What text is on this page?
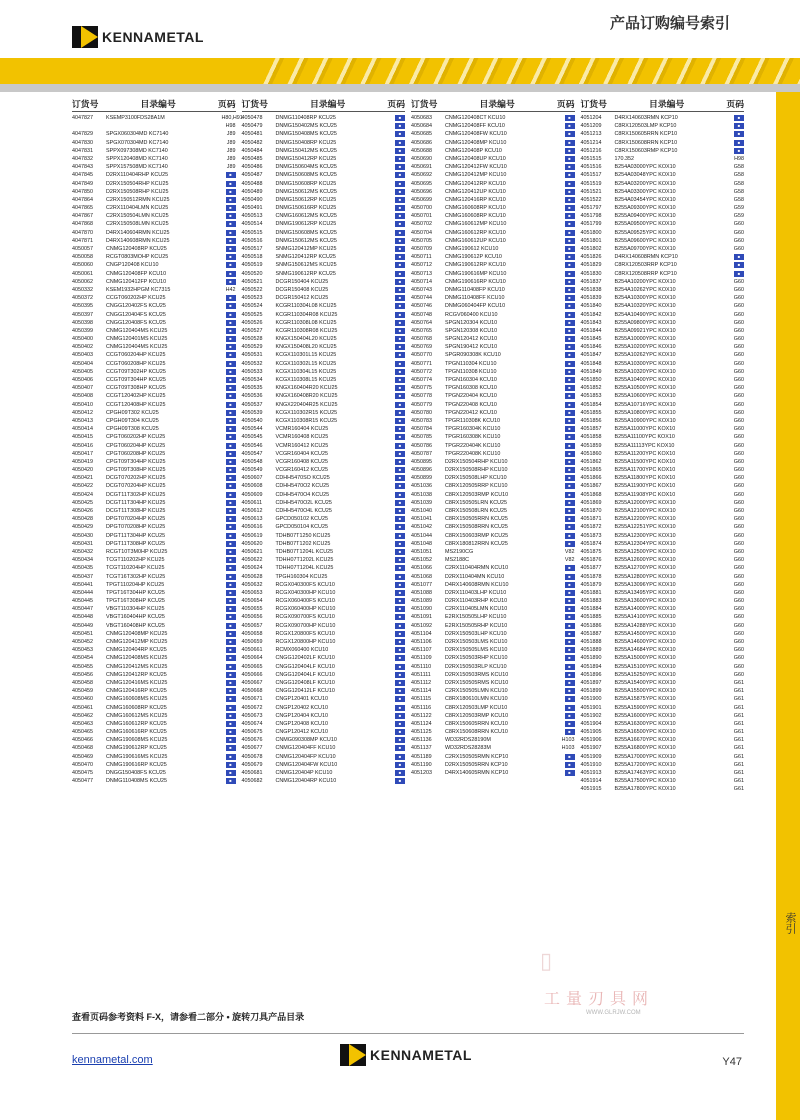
KENNAMETAL
产品订购编号索引
索引
订货号	目录编号	页码
4047827	KSEMP3100FDS28A1M	H80,H91
H98
4047829	SPGX060304MD KC7140	J89
4047830	SPGX070304MD KC7140	J89
4047831	SPPX097308MD KC7140	J89
4047832	SPPX120408MD KC7140	J89
4047843	SPPX157508MD KC7140	J89
4047845	D2RX110404RHP KCU25	■
4047849	D2RX150504RHP KCU25	■
4047850	D2RX150508RHP KCU25	■
4047864	C2RX150512RMN KCU25	■
4047865	C2RX110404LMN KCU25	■
4047867	C2RX150504LMN KCU25	■
4047868	C2RX150508LMN KCU25	■
4047870	D4RX140604RMN KCU25	■
4047871	D4RX140608RMN KCU25	■
4050057	CNMG120408RP KCU25	■
4050058	RCGT0803MOHP KCU25	■
4050060	CNGP120408 KCU10	■
4050061	CNMG120408FP KCU10	■
4050062	CNMG120412FP KCU10	■
4050332	KSEM1932HPGM KC7315	H42
4050372	CCGT060202HP KCU25	■
4050395	CNGG120402FS KCU25	■
4050397	CNGG120404FS KCU25	■
4050398	CNGG120408FS KCU25	■
4050399	CNMG120404MS KCU25	■
4050400	CNMG120401MS KCU25	■
4050402	CNMG120404MS KCU25	■
4050403	CCGT060204HP KCU25	■
4050404	CCGT060208HP KCU25	■
4050405	CCGT09T302HP KCU25	■
4050406	CCGT09T304HP KCU25	■
4050407	CCGT09T308HP KCU25	■
4050408	CCGT120402HP KCU25	■
4050410	CCGT120408HP KCU25	■
4050412	CPGH09T302 KCU25	■
4050413	CPGH09T304 KCU25	■
4050414	CPGH09T308 KCU25	■
4050415	CPGT060202HP KCU25	■
4050416	CPGT060204HP KCU25	■
4050417	CPGT060208HP KCU25	■
4050419	CPGT09T304HP KCU25	■
4050420	CPGT09T308HP KCU25	■
4050421	DCGT070202HP KCU25	■
4050422	DCGT070204HP KCU25	■
4050424	DCGT11T302HP KCU25	■
4050425	DCGT11T304HP KCU25	■
4050426	DCGT11T308HP KCU25	■
4050428	DPGT070204HP KCU25	■
4050429	DPGT070208HP KCU25	■
4050430	DPGT11T304HP KCU25	■
4050431	DPGT11T308HP KCU25	■
4050432	RCGT10T3M0HP KCU25	■
4050434	TCGT110202HP KCU25	■
4050435	TCGT110204HP KCU25	■
4050437	TCGT16T302HP KCU25	■
4050441	TPGT110204HP KCU25	■
4050444	TPGT16T304HP KCU25	■
4050445	TPGT16T308HP KCU25	■
4050447	VBGT110304HP KCU25	■
4050448	VBGT160404HP KCU25	■
4050449	VBGT160408HP KCU25	■
4050451	CNMG120408MP KCU25	■
4050452	CNMG120412MP KCU25	■
4050453	CNMG120404RP KCU25	■
4050454	CNMG120408MS KCU25	■
4050455	CNMG120412MS KCU25	■
4050456	CNMG120412RP KCU25	■
4050458	CNMG120416MS KCU25	■
4050459	CNMG120416RP KCU25	■
4050460	CNMG160608MS KCU25	■
4050461	CNMG160608RP KCU25	■
4050462	CNMG160612MS KCU25	■
4050463	CNMG160612RP KCU25	■
4050465	CNMG160616RP KCU25	■
4050466	CNMG190608MS KCU25	■
4050468	CNMG190612RP KCU25	■
4050469	CNMG190616MS KCU25	■
4050470	CNMG190616RP KCU25	■
4050475	DNGG150408FS KCU25	■
4050477	DNMG110408MS KCU25	■
订货号	目录编号	页码
4050478	DNMG110408RP KCU25	■
4050479	DNMG150402MS KCU25	■
4050481	DNMG150408MS KCU25	■
4050482	DNMG150408RP KCU25	■
4050484	DNMG150412MS KCU25	■
4050485	DNMG150412RP KCU25	■
4050486	DNMG150604MS KCU25	■
4050487	DNMG150608MS KCU25	■
4050488	DNMG150608RP KCU25	■
4050489	DNMG150612MS KCU25	■
4050490	DNMG150612RP KCU25	■
4050491	DNMG150616RP KCU25	■
4050513	CNMG160612MS KCU25	■
4050514	DNMG190612RP KCU25	■
4050515	DNMG150608MS KCU25	■
4050516	DNMG150612MS KCU25	■
4050517	SNMG120412MP KCU25	■
4050518	SNMG120412RP KCU25	■
4050519	SNMG150612MS KCU25	■
4050520	SNMG190612RP KCU25	■
4050521	DCGR150404 KCU25	■
4050522	DCGR150408 KCU25	■
4050523	DCGR150412 KCU25	■
4050524	KCGR110304L08 KCU25	■
4050525	KCGR110304R08 KCU25	■
4050526	KCGR110308L08 KCU25	■
4050527	KCGR110308R08 KCU25	■
4050528	KNGX150404L20 KCU25	■
4050529	KNGX150408L20 KCU25	■
4050531	KCGX110301L15 KCU25	■
4050532	KCGX110302L15 KCU25	■
4050533	KCGX110304L15 KCU25	■
4050534	KCGX110308L15 KCU25	■
4050535	KNGX160404R20 KCU25	■
4050536	KNGX160408R20 KCU25	■
4050537	KNGX220404R25 KCU25	■
4050539	KCGX110302R15 KCU25	■
4050540	KCGX110308R15 KCU25	■
4050544	VCMR160404 KCU25	■
4050545	VCMR160408 KCU25	■
4050546	VCMR160412 KCU25	■
4050547	VCGR160404 KCU25	■
4050548	VCGR160408 KCU25	■
4050549	VCGR160412 KCU25	■
4050607	CDHH5470SO KCU25	■
4050608	CDHH5470O2 KCU25	■
4050609	CDHH5470O4 KCU25	■
4050611	CDHH5470O2L KCU25	■
4050612	CDHH5470O4L KCU25	■
4050613	GPCD050102 KCU25	■
4050616	GPCD050104 KCU25	■
4050619	TDHB07T1250 KCU25	■
4050620	TDHB07T1202 KCU25	■
4050621	TDHB07T1204L KCU25	■
4050622	TDHH07T1202L KCU25	■
4050624	TDHH07T1204L KCU25	■
4050628	TPGH160304 KCU25	■
4050632	RCGX040300FS KCU10	■
4050653	RCGX040300HP KCU10	■
4050654	RCGX060400FS KCU10	■
4050655	RCGX060400HP KCU10	■
4050656	RCGX090700FS KCU10	■
4050657	RCGX090700HP KCU10	■
4050658	RCGX120800FS KCU10	■
4050659	RCGX120800HP KCU10	■
4050661	RCMX060400 KCU10	■
4050664	CNGG120402LF KCU10	■
4050665	CNGG120404LF KCU10	■
4050666	CNGG120404LF KCU10	■
4050667	CNGG120408LF KCU10	■
4050668	CNGG120412LF KCU10	■
4050671	CNGP120401 KCU10	■
4050672	CNGP120402 KCU10	■
4050673	CNGP120404 KCU10	■
4050674	CNGP120408 KCU10	■
4050675	CNGP120412 KCU10	■
4050676	CNMG090308MP KCU10	■
4050677	CNMG120404FF KCU10	■
4050678	CNMG120404FP KCU10	■
4050679	CNMG120404FW KCU10	■
4050681	CNMG120404P KCU10	■
4050682	CNMG120404RP KCU10	■
订货号	目录编号	页码
4050683	CNMG120408CT KCU10	■
4050684	CNMG120408FF KCU10	■
4050685	CNMG120408FW KCU10	■
4050686	CNMG120408MP KCU10	■
4050688	CNMG120408P KCU10	■
4050690	CNMG120408UP KCU10	■
4050691	CNMG120412FW KCU10	■
4050692	CNMG120412MP KCU10	■
4050695	CNMG120412RP KCU10	■
4050696	CNMG120412UP KCU10	■
4050699	CNMG120416RP KCU10	■
4050700	CNMG160608RP KCU10	■
4050701	CNMG160608RP KCU10	■
4050702	CNMG160612MP KCU10	■
4050704	CNMG160612RP KCU10	■
4050705	CNMG160612UP KCU10	■
4050709	CNMG190612 KCU10	■
4050711	CNMG190612P KCU10	■
4050712	CNMG190612RP KCU10	■
4050713	CNMG190616MP KCU10	■
4050714	CNMG190616RP KCU10	■
4050743	DNMG110408FP KCU10	■
4050744	DNMG110408FF KCU10	■
4050746	DNMG060404FP KCU10	■
4050748	RCGV060400 KCU10	■
4050764	SPGN120304 KCU10	■
4050765	SPGN120308 KCU10	■
4050768	SPGN120412 KCU10	■
4050769	SPGN190412 KCU10	■
4050770	SPGR090308K KCU10	■
4050771	TPGN110304 KCU10	■
4050772	TPGN110308 KCU10	■
4050774	TPGN160304 KCU10	■
4050775	TPGN160308 KCU10	■
4050778	TPGN220404 KCU10	■
4050779	TPGN220408 KCU10	■
4050780	TPGN220412 KCU10	■
4050783	TPGR110308K KCU10	■
4050784	TPGR160304K KCU10	■
4050785	TPGR160308K KCU10	■
4050786	TPGR220404K KCU10	■
4050787	TPGR220408K KCU10	■
4050895	D2RX150504RHP KCU10	■
4050896	D2RX150508RHP KCU10	■
4050899	D2RX150508LHP KCU10	■
4051036	C8RX120505RRP KCU10	■
4051038	C8RX120503RMP KCU10	■
4051039	C8RX150505LRN KCU25	■
4051040	C8RX150508LRN KCU25	■
4051041	C8RX150505RRN KCU25	■
4051042	C8RX150508RRN KCU25	■
4051044	C8RX150603RMP KCU25	■
4051048	C8RX180812RRN KCU25	■
4051051	MS2190CG	V82
4051052	MS2188C	V82
4051066	C2RX110404RMN KCU10	■
4051068	D2RX110404MN KCU10	■
4051077	D4RX140608RMN KCU10	■
4051088	D2RX110403LHP KCU10	■
4051089	D2RX110403RHP KCU10	■
4051090	C2RX110405LMN KCU10	■
4051091	E2RX150505LHP KCU10	■
4051092	E2RX150505RHP KCU10	■
4051104	D2RX150503LHP KCU10	■
4051106	D2RX150503LMS KCU10	■
4051107	D2RX150505LMS KCU10	■
4051109	D2RX150503RHP KCU10	■
4051110	D2RX150503RLP KCU10	■
4051111	D2RX150503RMS KCU10	■
4051112	D2RX150505RMS KCU10	■
4051114	C2RX150505LMN KCU10	■
4051115	C8RX180610LMN KCU10	■
4051116	C8RX120503LMP KCU10	■
4051122	C8RX120503RMP KCU10	■
4051124	C8RX150605RRN KCU10	■
4051125	C8RX150608RRN KCU10	■
4051136	WD32RDS28190M	H103
4051137	WD32RDS28283M	H103
4051189	C2RX150505RMN KCP10	■
4051190	D2RX150505RRN KCP10	■
4051203	D4RX140605RMN KCP10	■
订货号	目录编号	页码
4051204	D4RX140603RMN KCP10	■
4051209	C8RX120503LMP KCP10	■
4051213	C8RX150605RRN KCP10	■
4051214	C8RX150608RRN KCP10	■
4051216	C8RX150603RMP KCP10	■
4051515	170.352	H98
4051516	B254A03000YPC KOX10	G58
4051517	B254A03048YPC KOX10	G58
4051519	B254A03200YPC KOX10	G58
4051521	B254A03300YPC KOX10	G58
4051522	B254A03454YPC KOX10	G58
4051797	B255A09300YPC KOX10	G59
4051798	B255A09400YPC KOX10	G59
4051799	B255A09500YPC KOX10	G60
4051800	B255A09525YPC KOX10	G60
4051801	B255A09600YPC KOX10	G60
4051802	B255A09700YPC KOX10	G60
4051826	D4RX140608RMN KCP10	■
4051829	C8RX120503RRP KCP10	■
4051830	C8RX120508RRP KCP10	■
4051837	B254A10200YPC KOX10	G60
4051838	B254A10262YPC KOX10	G60
4051839	B254A10300YPC KOX10	G60
4051840	B254A10320YPC KOX10	G60
4051842	B254A10490YPC KOX10	G60
4051843	B255A09800YPC KOX10	G60
4051844	B255A09921YPC KOX10	G60
4051845	B255A10000YPC KOX10	G60
4051846	B255A10200YPC KOX10	G60
4051847	B255A10262YPC KOX10	G60
4051848	B255A10300YPC KOX10	G60
4051849	B255A10320YPC KOX10	G60
4051850	B255A10400YPC KOX10	G60
4051852	B255A10500YPC KOX10	G60
4051853	B255A10600YPC KOX10	G60
4051854	B255A10716YPC KOX10	G60
4051855	B255A10800YPC KOX10	G60
4051856	B255A10900YPC KOX10	G60
4051857	B255A11000YPC KOX10	G60
4051858	B255A11100YPC KOX10	G60
4051859	B255A11113YPC KOX10	G60
4051860	B255A11200YPC KOX10	G60
4051862	B255A11500YPC KOX10	G60
4051865	B255A11700YPC KOX10	G60
4051866	B255A11800YPC KOX10	G60
4051867	B255A11900YPC KOX10	G60
4051868	B255A11908YPC KOX10	G60
4051869	B255A12000YPC KOX10	G60
4051870	B255A12100YPC KOX10	G60
4051871	B255A12200YPC KOX10	G60
4051872	B255A12251YPC KOX10	G60
4051873	B255A12300YPC KOX10	G60
4051874	B255A12304YPC KOX10	G60
4051875	B255A12500YPC KOX10	G60
4051876	B255A12600YPC KOX10	G60
4051877	B255A12700YPC KOX10	G60
4051878	B255A12800YPC KOX10	G60
4051879	B255A13096YPC KOX10	G60
4051881	B255A13495YPC KOX10	G60
4051883	B255A13600YPC KOX10	G60
4051884	B255A14000YPC KOX10	G60
4051885	B255A14100YPC KOX10	G60
4051886	B255A14288YPC KOX10	G60
4051887	B255A14500YPC KOX10	G60
4051888	B255A14600YPC KOX10	G60
4051889	B255A14684YPC KOX10	G60
4051890	B255A15000YPC KOX10	G60
4051894	B255A15100YPC KOX10	G60
4051896	B255A15250YPC KOX10	G60
4051897	B255A15400YPC KOX10	G61
4051899	B255A15500YPC KOX10	G61
4051900	B255A15875YPC KOX10	G61
4051901	B255A15900YPC KOX10	G61
4051902	B255A16000YPC KOX10	G61
4051904	B255A16300YPC KOX10	G61
4051905	B255A16500YPC KOX10	G61
4051906	B255A16670YPC KOX10	G61
4051907	B255A16800YPC KOX10	G61
4051909	B255A17000YPC KOX10	G61
4051910	B255A17200YPC KOX10	G61
4051913	B255A17463YPC KOX10	G61
4051914	B255A17500YPC KOX10	G61
4051915	B255A17800YPC KOX10	G61
查看页码参考资料 F-X，请参看二部分 • 旋转刀具产品目录
kennametal.com	KENNAMETAL	Y47
▯
工量刃具网
WWW.GLRJW.COM
